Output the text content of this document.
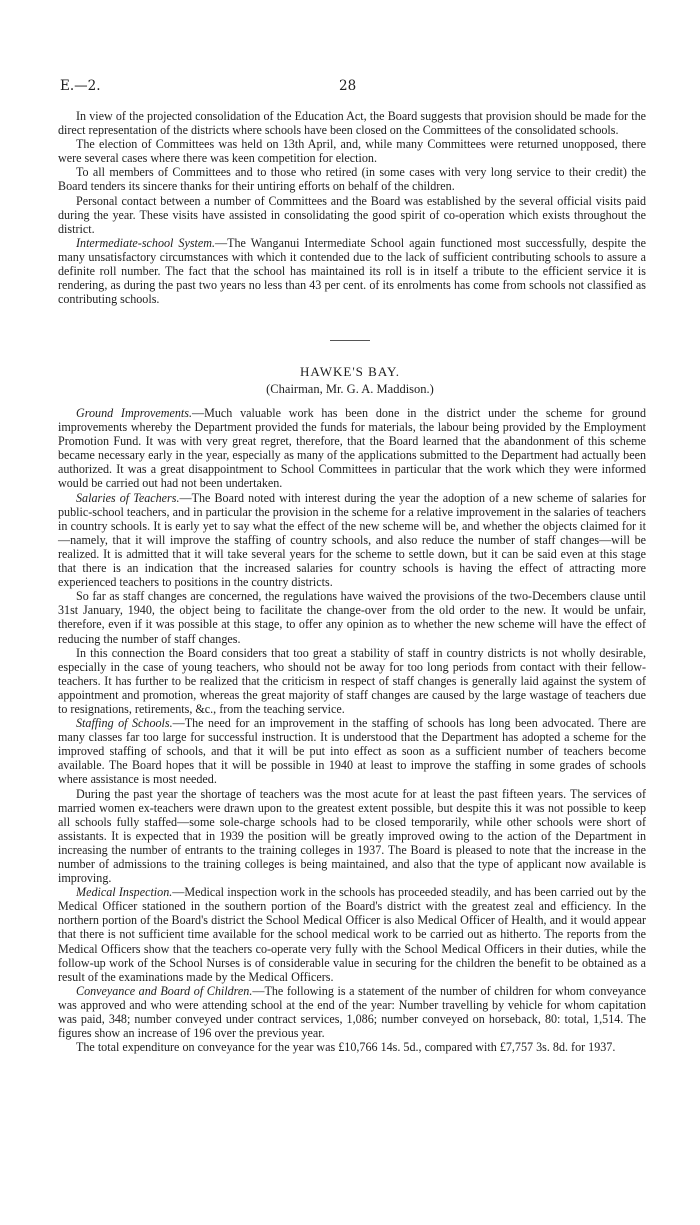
E.—2.	28

In view of the projected consolidation of the Education Act, the Board suggests that provision should be made for the direct representation of the districts where schools have been closed on the Committees of the consolidated schools.

The election of Committees was held on 13th April, and, while many Committees were returned unopposed, there were several cases where there was keen competition for election.

To all members of Committees and to those who retired (in some cases with very long service to their credit) the Board tenders its sincere thanks for their untiring efforts on behalf of the children.

Personal contact between a number of Committees and the Board was established by the several official visits paid during the year. These visits have assisted in consolidating the good spirit of co-operation which exists throughout the district.

Intermediate-school System.—The Wanganui Intermediate School again functioned most successfully, despite the many unsatisfactory circumstances with which it contended due to the lack of sufficient contributing schools to assure a definite roll number. The fact that the school has maintained its roll is in itself a tribute to the efficient service it is rendering, as during the past two years no less than 43 per cent. of its enrolments has come from schools not classified as contributing schools.

HAWKE'S BAY.
(Chairman, Mr. G. A. Maddison.)

Ground Improvements.—Much valuable work has been done in the district under the scheme for ground improvements whereby the Department provided the funds for materials, the labour being provided by the Employment Promotion Fund. It was with very great regret, therefore, that the Board learned that the abandonment of this scheme became necessary early in the year, especially as many of the applications submitted to the Department had actually been authorized. It was a great disappointment to School Committees in particular that the work which they were informed would be carried out had not been undertaken.

Salaries of Teachers.—The Board noted with interest during the year the adoption of a new scheme of salaries for public-school teachers, and in particular the provision in the scheme for a relative improvement in the salaries of teachers in country schools. It is early yet to say what the effect of the new scheme will be, and whether the objects claimed for it—namely, that it will improve the staffing of country schools, and also reduce the number of staff changes—will be realized. It is admitted that it will take several years for the scheme to settle down, but it can be said even at this stage that there is an indication that the increased salaries for country schools is having the effect of attracting more experienced teachers to positions in the country districts.

So far as staff changes are concerned, the regulations have waived the provisions of the two-Decembers clause until 31st January, 1940, the object being to facilitate the change-over from the old order to the new. It would be unfair, therefore, even if it was possible at this stage, to offer any opinion as to whether the new scheme will have the effect of reducing the number of staff changes.

In this connection the Board considers that too great a stability of staff in country districts is not wholly desirable, especially in the case of young teachers, who should not be away for too long periods from contact with their fellow-teachers. It has further to be realized that the criticism in respect of staff changes is generally laid against the system of appointment and promotion, whereas the great majority of staff changes are caused by the large wastage of teachers due to resignations, retirements, &c., from the teaching service.

Staffing of Schools.—The need for an improvement in the staffing of schools has long been advocated. There are many classes far too large for successful instruction. It is understood that the Department has adopted a scheme for the improved staffing of schools, and that it will be put into effect as soon as a sufficient number of teachers become available. The Board hopes that it will be possible in 1940 at least to improve the staffing in some grades of schools where assistance is most needed.

During the past year the shortage of teachers was the most acute for at least the past fifteen years. The services of married women ex-teachers were drawn upon to the greatest extent possible, but despite this it was not possible to keep all schools fully staffed—some sole-charge schools had to be closed temporarily, while other schools were short of assistants. It is expected that in 1939 the position will be greatly improved owing to the action of the Department in increasing the number of entrants to the training colleges in 1937. The Board is pleased to note that the increase in the number of admissions to the training colleges is being maintained, and also that the type of applicant now available is improving.

Medical Inspection.—Medical inspection work in the schools has proceeded steadily, and has been carried out by the Medical Officer stationed in the southern portion of the Board's district with the greatest zeal and efficiency. In the northern portion of the Board's district the School Medical Officer is also Medical Officer of Health, and it would appear that there is not sufficient time available for the school medical work to be carried out as hitherto. The reports from the Medical Officers show that the teachers co-operate very fully with the School Medical Officers in their duties, while the follow-up work of the School Nurses is of considerable value in securing for the children the benefit to be obtained as a result of the examinations made by the Medical Officers.

Conveyance and Board of Children.—The following is a statement of the number of children for whom conveyance was approved and who were attending school at the end of the year: Number travelling by vehicle for whom capitation was paid, 348; number conveyed under contract services, 1,086; number conveyed on horseback, 80: total, 1,514. The figures show an increase of 196 over the previous year.

The total expenditure on conveyance for the year was £10,766 14s. 5d., compared with £7,757 3s. 8d. for 1937.
